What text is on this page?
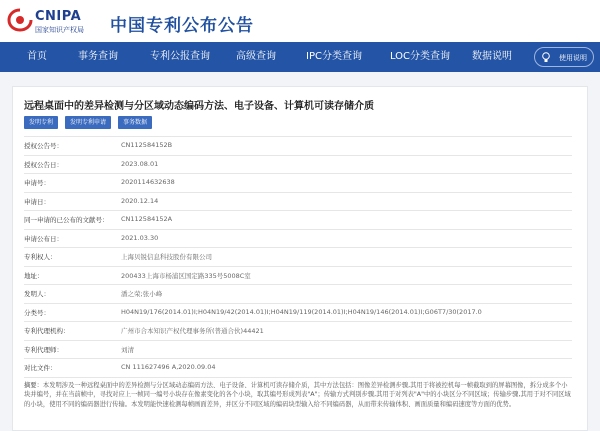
CNIPA
国家知识产权局 中国专利公布公告
首页	事务查询	专利公报查询	高级查询	IPC分类查询	LOC分类查询	数据说明	使用说明
远程桌面中的差异检测与分区域动态编码方法、电子设备、计算机可读存储介质
发明专利	发明专利申请	事务数据
授权公告号：	CN112584152B
授权公告日：	2023.08.01
申请号：	2020114632638
申请日：	2020.12.14
同一申请的已公布的文献号： CN112584152A
申请公布日：	2021.03.30
专利权人：	上海贝锐信息科技股份有限公司
地址：	200433上海市杨浦区国定路335号5008C室
发明人：	潘之荣;张小峰
分类号：	H04N19/176(2014.01)I;H04N19/42(2014.01)I;H04N19/119(2014.01)I;H04N19/146(2014.01)I;G06T7/30(2017.0
专利代理机构：	广州市合本知识产权代理事务所(普通合伙)44421
专利代理师：	刘清
摘要：本发明涉及一种远程桌面中的差异检测与分区域动态编码方法、电子设备、计算机可读存储介质，其中方法包括：图像差异检测步骤,其用于将被控机每一帧截取到的屏幕图像，拆分成多个小块并编号，并在当前帧中，寻找对应上一帧同一编号小块存在像素变化的各个小块，取其编号形成列表"A"；传输方式判别步骤,其用于对列表"A"中的小块区分不同区域；传输步骤,其用于对不同区域的小块，使用不同的编码器进行传输。本发明能快速检测每帧画面差异，并区分不同区域的编码块型输入给不同编码器，从而带来传输体积、画面质量和编码速度等方面的优势。
对比文件：	CN 111627496 A,2020.09.04
